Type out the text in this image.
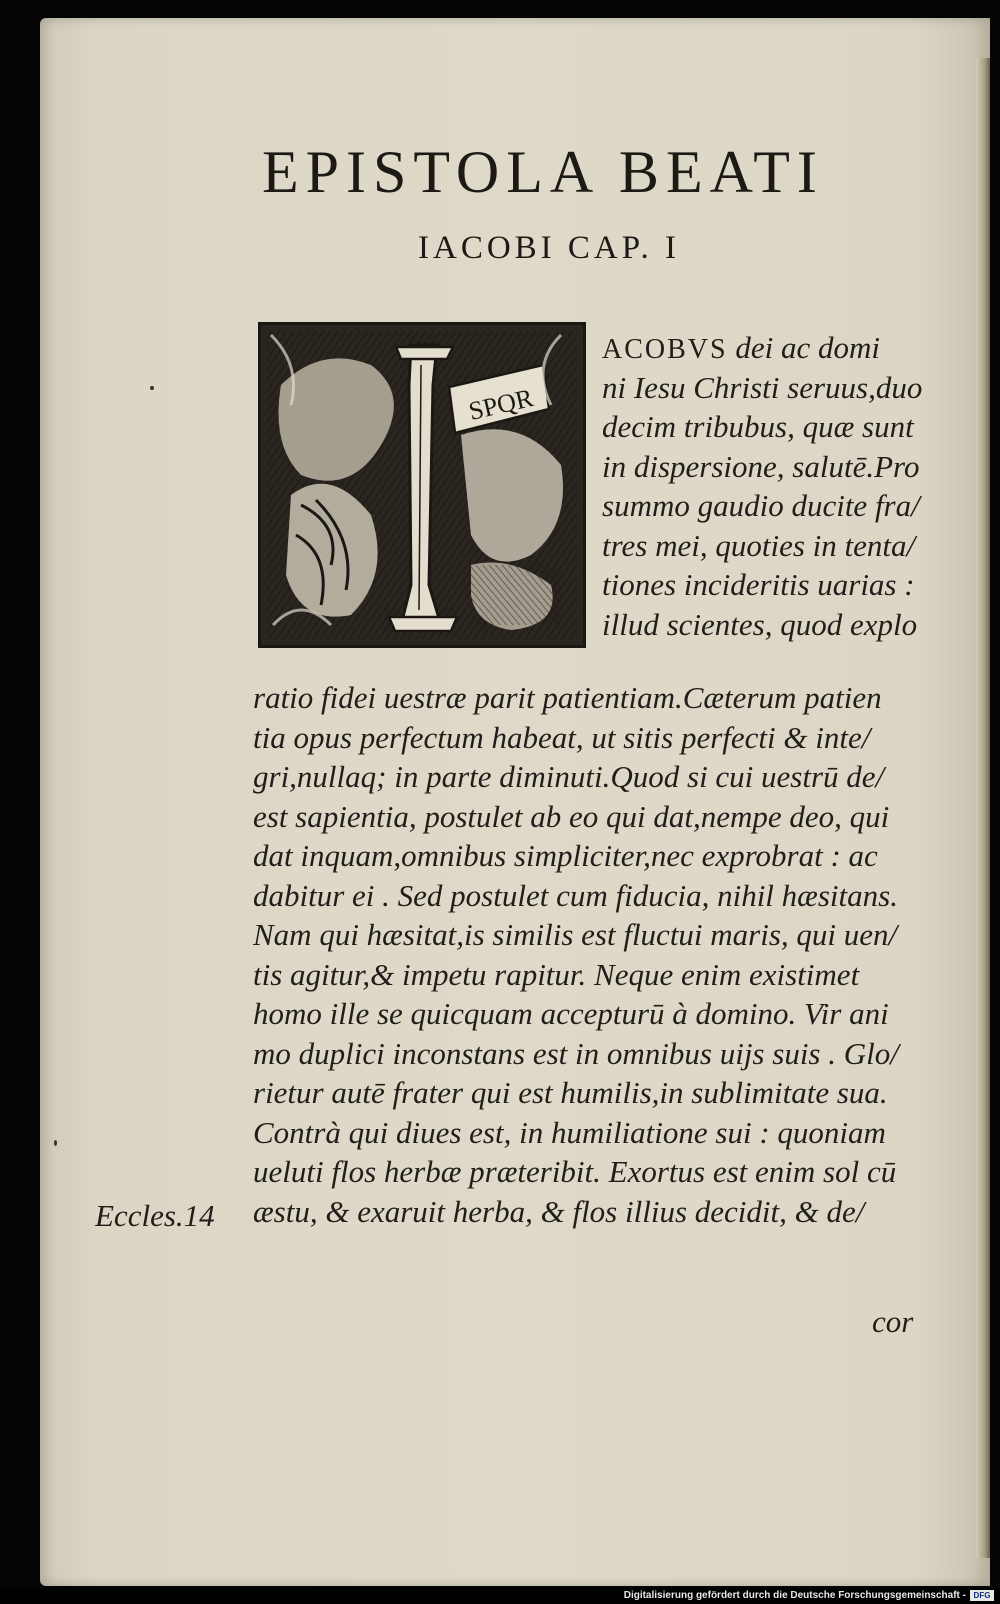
EPISTOLA BEATI
IACOBI CAP. I
SPQR
ACOBVS dei ac domi
ni Iesu Christi seruus,duo
decim tribubus, quæ sunt
in dispersione, salutē.Pro
summo gaudio ducite fra/
tres mei, quoties in tenta/
tiones incideritis uarias :
illud scientes, quod explo
ratio fidei uestræ parit patientiam.Cæterum patien
tia opus perfectum habeat, ut sitis perfecti & inte/
gri,nullaq; in parte diminuti.Quod si cui uestrū de/
est sapientia, postulet ab eo qui dat,nempe deo, qui
dat inquam,omnibus simpliciter,nec exprobrat : ac
dabitur ei . Sed postulet cum fiducia, nihil hæsitans.
Nam qui hæsitat,is similis est fluctui maris, qui uen/
tis agitur,& impetu rapitur. Neque enim existimet
homo ille se quicquam accepturū à domino. Vir ani
mo duplici inconstans est in omnibus uijs suis . Glo/
rietur autē frater qui est humilis,in sublimitate sua.
Contrà qui diues est, in humiliatione sui : quoniam
ueluti flos herbæ præteribit. Exortus est enim sol cū
æstu, & exaruit herba, & flos illius decidit, & de/
cor
Eccles.14
Digitalisierung gefördert durch die Deutsche Forschungsgemeinschaft - DFG
